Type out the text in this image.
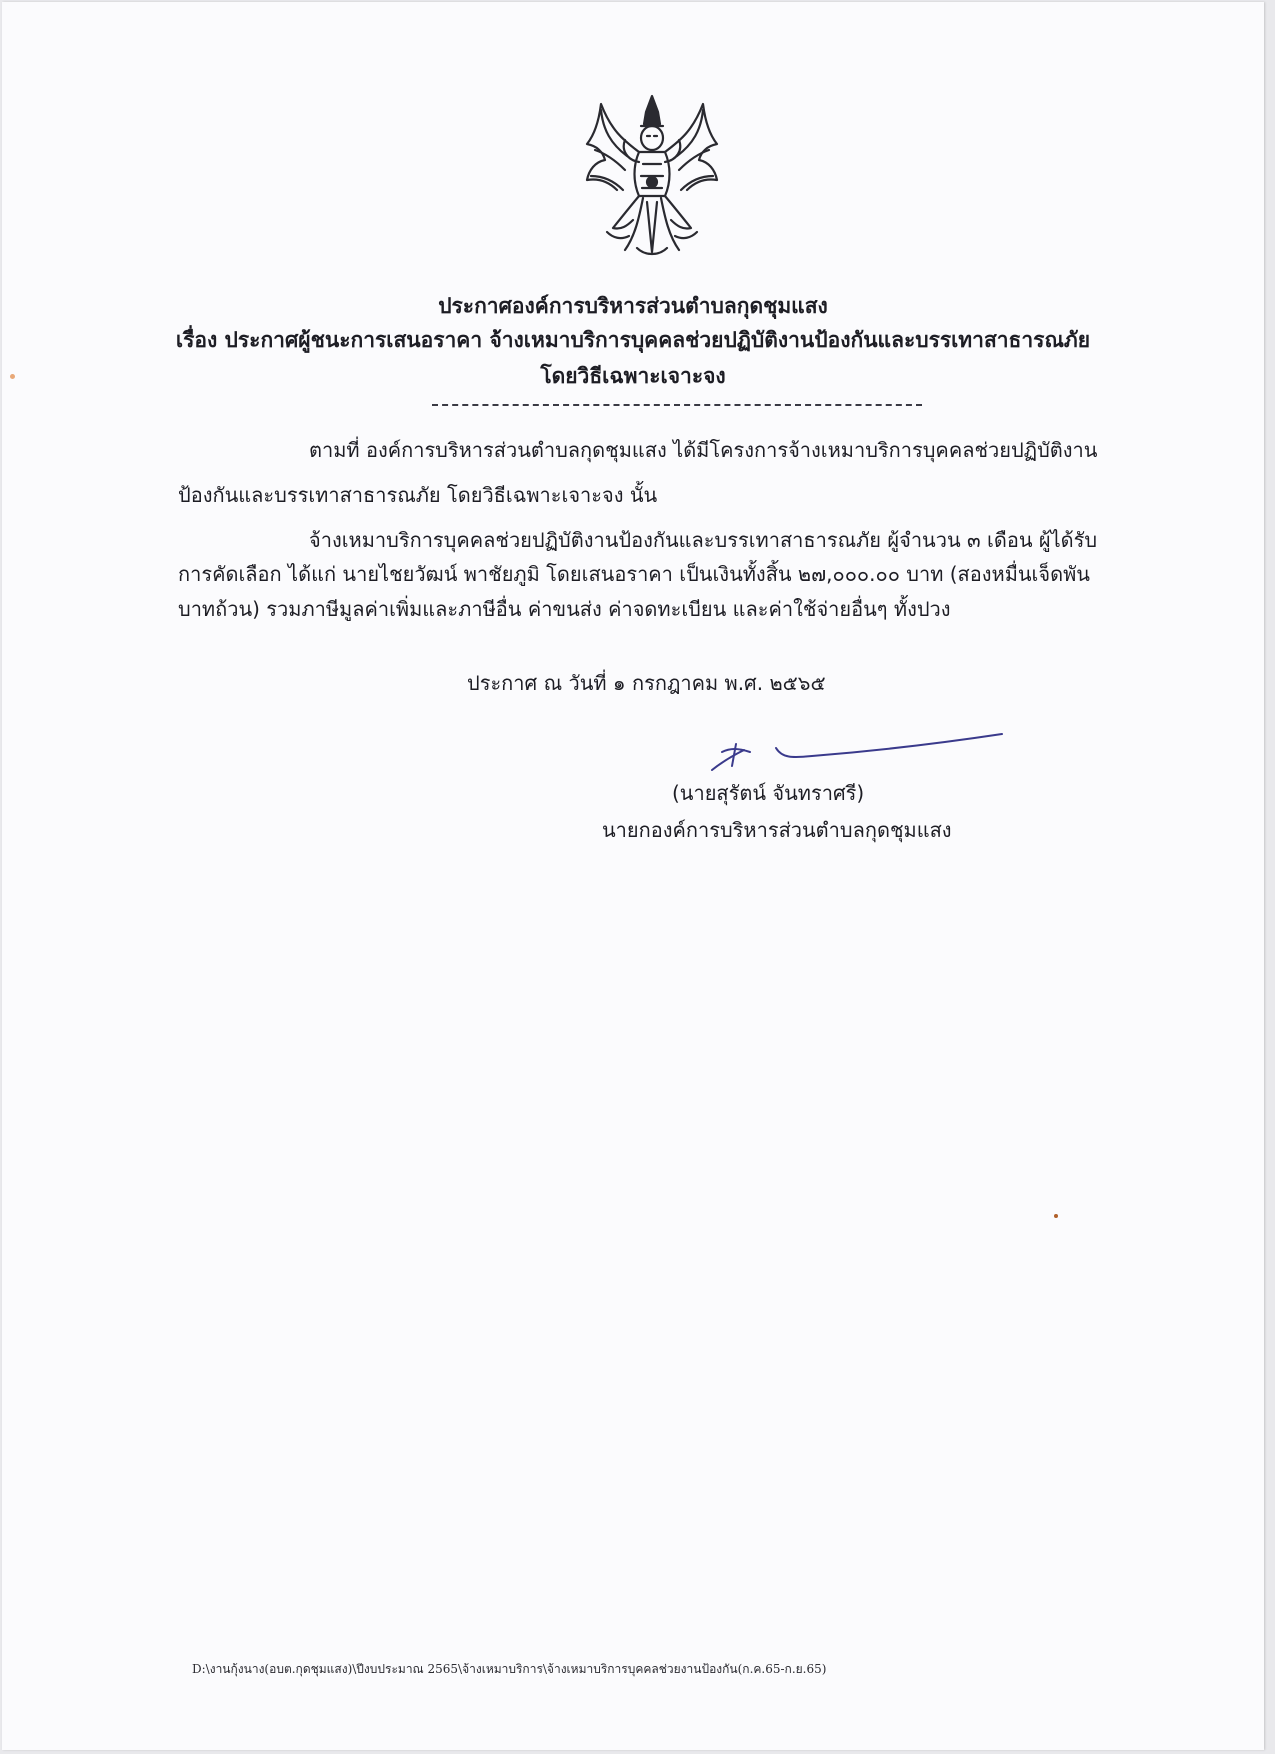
ประกาศองค์การบริหารส่วนตำบลกุดชุมแสง
เรื่อง ประกาศผู้ชนะการเสนอราคา จ้างเหมาบริการบุคคลช่วยปฏิบัติงานป้องกันและบรรเทาสาธารณภัย
โดยวิธีเฉพาะเจาะจง
ตามที่ องค์การบริหารส่วนตำบลกุดชุมแสง ได้มีโครงการจ้างเหมาบริการบุคคลช่วยปฏิบัติงาน
ป้องกันและบรรเทาสาธารณภัย โดยวิธีเฉพาะเจาะจง นั้น
จ้างเหมาบริการบุคคลช่วยปฏิบัติงานป้องกันและบรรเทาสาธารณภัย ผู้จำนวน ๓ เดือน ผู้ได้รับ
การคัดเลือก ได้แก่ นายไชยวัฒน์ พาชัยภูมิ โดยเสนอราคา เป็นเงินทั้งสิ้น ๒๗,๐๐๐.๐๐ บาท (สองหมื่นเจ็ดพัน
บาทถ้วน) รวมภาษีมูลค่าเพิ่มและภาษีอื่น ค่าขนส่ง ค่าจดทะเบียน และค่าใช้จ่ายอื่นๆ ทั้งปวง
ประกาศ ณ วันที่ ๑ กรกฎาคม พ.ศ. ๒๕๖๕
(นายสุรัตน์ จันทราศรี)
นายกองค์การบริหารส่วนตำบลกุดชุมแสง
D:\งานกุ้งนาง(อบต.กุดชุมแสง)\ปีงบประมาณ 2565\จ้างเหมาบริการ\จ้างเหมาบริการบุคคลช่วยงานป้องกัน(ก.ค.65-ก.ย.65)
